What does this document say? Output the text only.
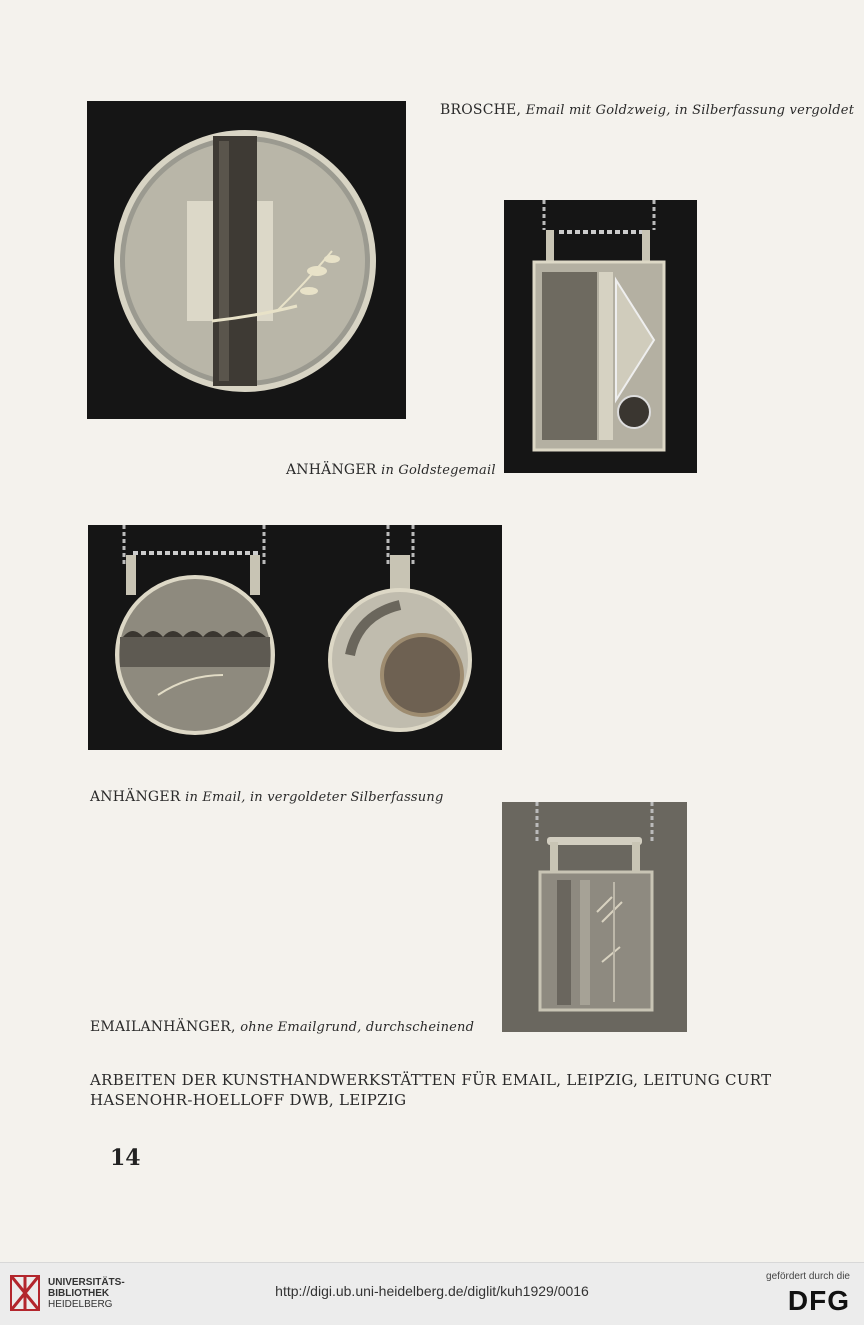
BROSCHE, Email mit Goldzweig, in Silberfassung vergoldet
ANHÄNGER in Goldstegemail
ANHÄNGER in Email, in vergoldeter Silberfassung
EMAILANHÄNGER, ohne Emailgrund, durchscheinend
ARBEITEN DER KUNSTHANDWERKSTÄTTEN FÜR EMAIL, LEIPZIG, LEITUNG CURT HASENOHR-HOELLOFF DWB, LEIPZIG
14
UNIVERSITÄTS-
BIBLIOTHEK
HEIDELBERG
http://digi.ub.uni-heidelberg.de/diglit/kuh1929/0016
gefördert durch die
DFG
